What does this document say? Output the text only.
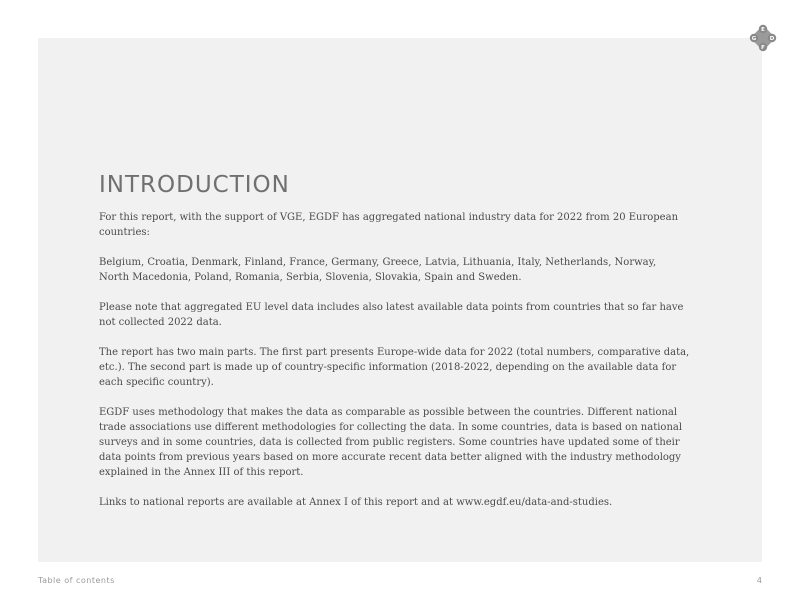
E
G D
F
INTRODUCTION

For this report, with the support of VGE, EGDF has aggregated national industry data for 2022 from 20 European countries:

Belgium, Croatia, Denmark, Finland, France, Germany, Greece, Latvia, Lithuania, Italy, Netherlands, Norway,
North Macedonia, Poland, Romania, Serbia, Slovenia, Slovakia, Spain and Sweden.

Please note that aggregated EU level data includes also latest available data points from countries that so far have not collected 2022 data.

The report has two main parts. The first part presents Europe-wide data for 2022 (total numbers, comparative data, etc.). The second part is made up of country-specific information (2018-2022, depending on the available data for each specific country).

EGDF uses methodology that makes the data as comparable as possible between the countries. Different national trade associations use different methodologies for collecting the data. In some countries, data is based on national surveys and in some countries, data is collected from public registers. Some countries have updated some of their data points from previous years based on more accurate recent data better aligned with the industry methodology explained in the Annex III of this report.

Links to national reports are available at Annex I of this report and at www.egdf.eu/data-and-studies.

Table of contents	4
